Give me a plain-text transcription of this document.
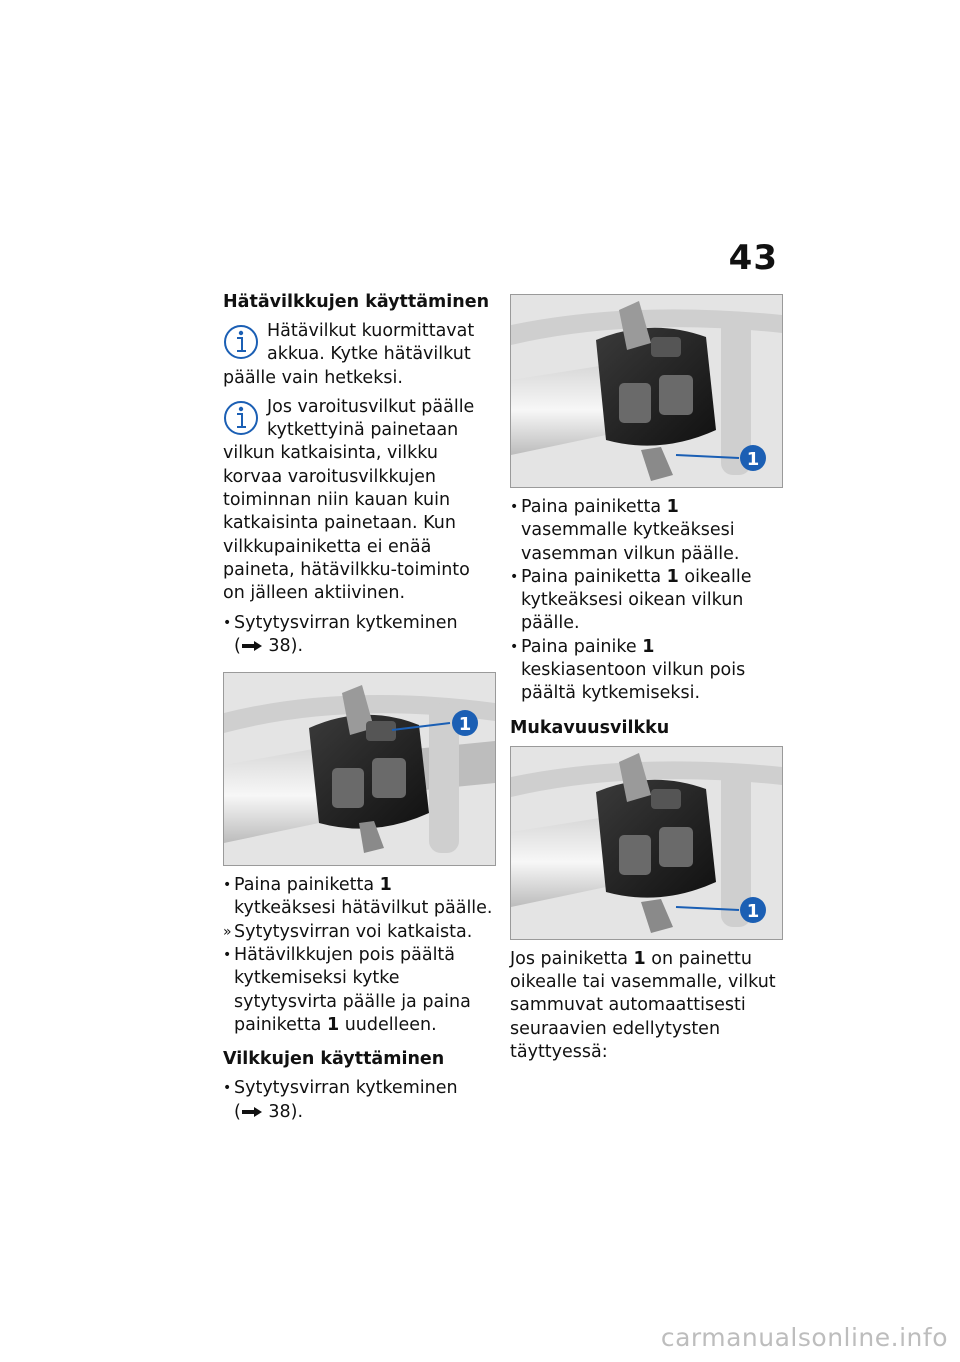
43
Hätävilkkujen käyttäminen

Hätävilkut kuormittavat akkua. Kytke hätävilkut päälle vain hetkeksi.

Jos varoitusvilkut päälle kytkettyinä painetaan vilkun katkaisinta, vilkku korvaa varoitusvilkkujen toiminnan niin kauan kuin katkaisinta painetaan. Kun vilkkupainiketta ei enää paineta, hätävilkku-toiminto on jälleen aktiivinen.

• Sytytysvirran kytkeminen
( 38).
1
• Paina painiketta 1 kytkeäksesi hätävilkut päälle.
» Sytytysvirran voi katkaista.
• Hätävilkkujen pois päältä kytkemiseksi kytke sytytysvirta päälle ja paina painiketta 1 uudelleen.
Vilkkujen käyttäminen
• Sytytysvirran kytkeminen
( 38).
1
• Paina painiketta 1 vasemmalle kytkeäksesi vasemman vilkun päälle.
• Paina painiketta 1 oikealle kytkeäksesi oikean vilkun päälle.
• Paina painike 1 keskiasentoon vilkun pois päältä kytkemiseksi.
Mukavuusvilkku
1

Jos painiketta 1 on painettu oikealle tai vasemmalle, vilkut sammuvat automaattisesti seuraavien edellytysten täyttyessä:

carmanualsonline.info
